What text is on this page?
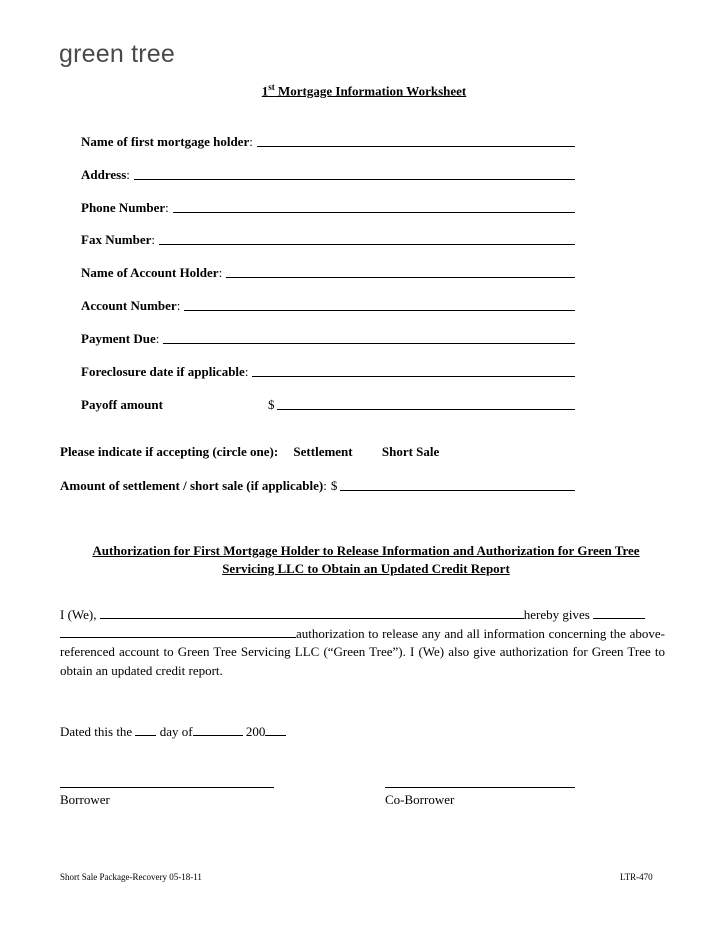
green tree
1st Mortgage Information Worksheet
Name of first mortgage holder :
Address :
Phone Number :
Fax Number :
Name of Account Holder :
Account Number :
Payment Due :
Foreclosure date if applicable :
Payoff amount	$
Please indicate if accepting (circle one): Settlement Short Sale
Amount of settlement / short sale (if applicable) : $
Authorization for First Mortgage Holder to Release Information and Authorization for Green Tree
Servicing LLC to Obtain an Updated Credit Report
I (We),	hereby gives
authorization to release any and all information concerning the above-referenced account to Green Tree Servicing LLC (“Green Tree”). I (We) also give authorization for Green Tree to obtain an updated credit report.
Dated this the  day of	200
Borrower	Co-Borrower
Short Sale Package-Recovery 05-18-11	LTR-470
